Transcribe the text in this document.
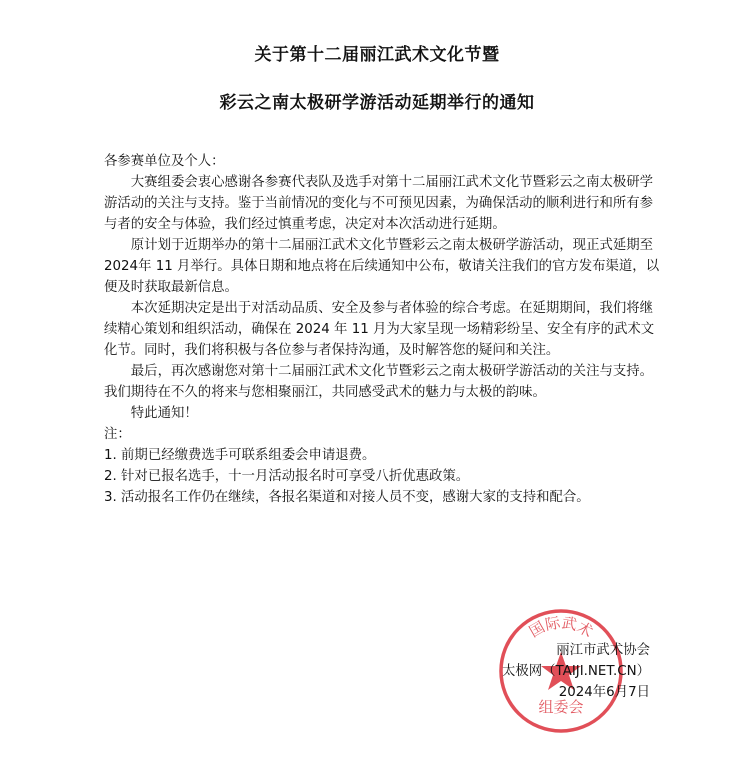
关于第十二届丽江武术文化节暨
彩云之南太极研学游活动延期举行的通知

各参赛单位及个人：

大赛组委会衷心感谢各参赛代表队及选手对第十二届丽江武术文化节暨彩云之南太极研学游活动的关注与支持。鉴于当前情况的变化与不可预见因素，为确保活动的顺利进行和所有参与者的安全与体验，我们经过慎重考虑，决定对本次活动进行延期。

原计划于近期举办的第十二届丽江武术文化节暨彩云之南太极研学游活动，现正式延期至 2024年 11 月举行。具体日期和地点将在后续通知中公布，敬请关注我们的官方发布渠道，以便及时获取最新信息。

本次延期决定是出于对活动品质、安全及参与者体验的综合考虑。在延期期间，我们将继续精心策划和组织活动，确保在 2024 年 11 月为大家呈现一场精彩纷呈、安全有序的武术文化节。同时，我们将积极与各位参与者保持沟通，及时解答您的疑问和关注。

最后，再次感谢您对第十二届丽江武术文化节暨彩云之南太极研学游活动的关注与支持。我们期待在不久的将来与您相聚丽江，共同感受武术的魅力与太极的韵味。

特此通知！

注：

1. 前期已经缴费选手可联系组委会申请退费。

2. 针对已报名选手，十一月活动报名时可享受八折优惠政策。

3. 活动报名工作仍在继续，各报名渠道和对接人员不变，感谢大家的支持和配合。

国际武术
组委会
丽江市武术协会
太极网（TAIJI.NET.CN）
2024年6月7日
